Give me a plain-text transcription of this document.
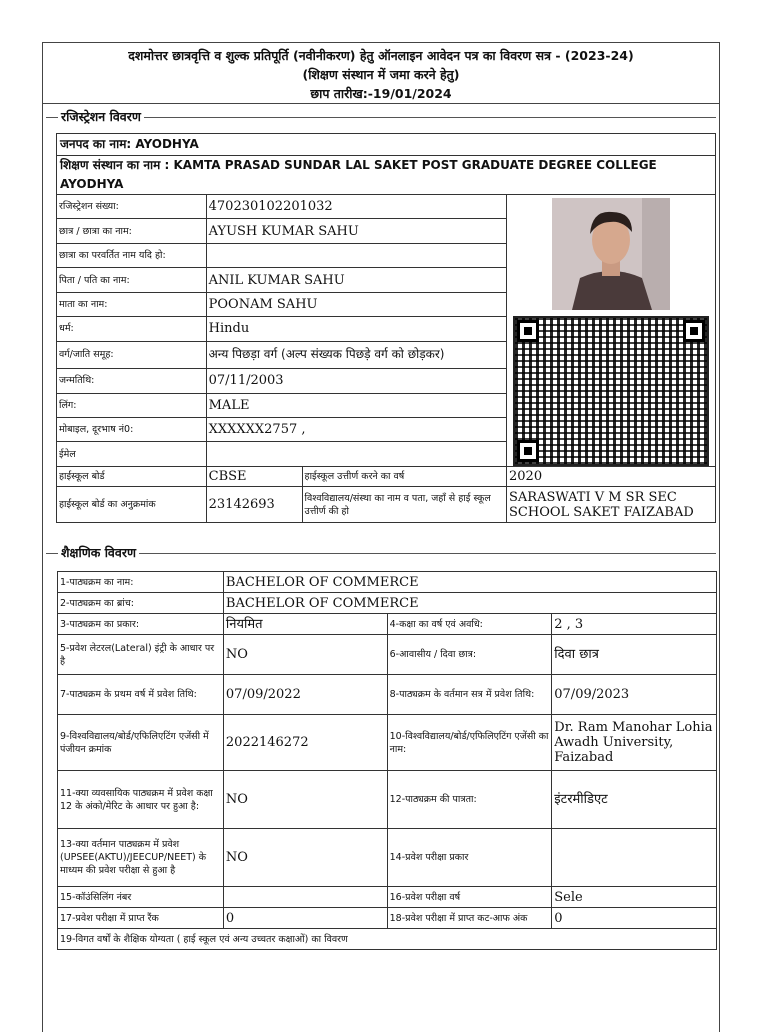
दशमोत्तर छात्रवृत्ति व शुल्क प्रतिपूर्ति (नवीनीकरण) हेतु ऑनलाइन आवेदन पत्र का विवरण सत्र - (2023-24)
(शिक्षण संस्थान में जमा करने हेतु)
छाप तारीख:-19/01/2024
रजिस्ट्रेशन विवरण
जनपद का नाम: AYODHYA			
शिक्षण संस्थान का नाम : KAMTA PRASAD SUNDAR LAL SAKET POST GRADUATE DEGREE COLLEGE AYODHYA			
रजिस्ट्रेशन संख्या:	470230102201032	

छात्र / छात्रा का नाम:	AYUSH KUMAR SAHU		
छात्रा का परवर्तित नाम यदि हो:			
पिता / पति का नाम:	ANIL KUMAR SAHU		
माता का नाम:	POONAM SAHU		
धर्म:	Hindu		
वर्ग/जाति समूह:	अन्य पिछड़ा वर्ग (अल्प संख्यक पिछड़े वर्ग को छोड़कर)		
जन्मतिथि:	07/11/2003		
लिंग:	MALE		
मोबाइल, दूरभाष नं0:	XXXXXX2757 ,		
ईमेल			
हाईस्कूल बोर्ड	CBSE	हाईस्कूल उत्तीर्ण करने का वर्ष	2020
हाईस्कूल बोर्ड का अनुक्रमांक	23142693	विश्वविद्यालय/संस्था का नाम व पता, जहाँ से हाई स्कूल उत्तीर्ण की हो	SARASWATI V M SR SEC SCHOOL SAKET FAIZABAD
शैक्षणिक विवरण
1-पाठ्यक्रम का नाम:	BACHELOR OF COMMERCE		
2-पाठ्यक्रम का ब्रांच:	BACHELOR OF COMMERCE		
3-पाठ्यक्रम का प्रकार:	नियमित	4-कक्षा का वर्ष एवं अवधि:	2 , 3
5-प्रवेश लेटरल(Lateral) इंट्री के आधार पर है	NO	6-आवासीय / दिवा छात्र:	दिवा छात्र
7-पाठ्यक्रम के प्रथम वर्ष में प्रवेश तिथि:	07/09/2022	8-पाठ्यक्रम के वर्तमान सत्र में प्रवेश तिथि:	07/09/2023
9-विश्वविद्यालय/बोर्ड/एफिलिएटिंग एजेंसी में पंजीयन क्रमांक	2022146272	10-विश्वविद्यालय/बोर्ड/एफिलिएटिंग एजेंसी का नाम:	Dr. Ram Manohar Lohia Awadh University, Faizabad
11-क्या व्यवसायिक पाठ्यक्रम में प्रवेश कक्षा 12 के अंको/मेरिट के आधार पर हुआ है:	NO	12-पाठ्यक्रम की पात्रता:	इंटरमीडिएट
13-क्या वर्तमान पाठ्यक्रम में प्रवेश (UPSEE(AKTU)/JEECUP/NEET) के माध्यम की प्रवेश परीक्षा से हुआ है	NO	14-प्रवेश परीक्षा प्रकार	
15-कॉउंसिलिंग नंबर		16-प्रवेश परीक्षा वर्ष	Sele
17-प्रवेश परीक्षा में प्राप्त रैंक	0	18-प्रवेश परीक्षा में प्राप्त कट-आफ अंक	0
19-विगत वर्षों के शैक्षिक योग्यता ( हाई स्कूल एवं अन्य उच्चतर कक्षाओं) का विवरण			
